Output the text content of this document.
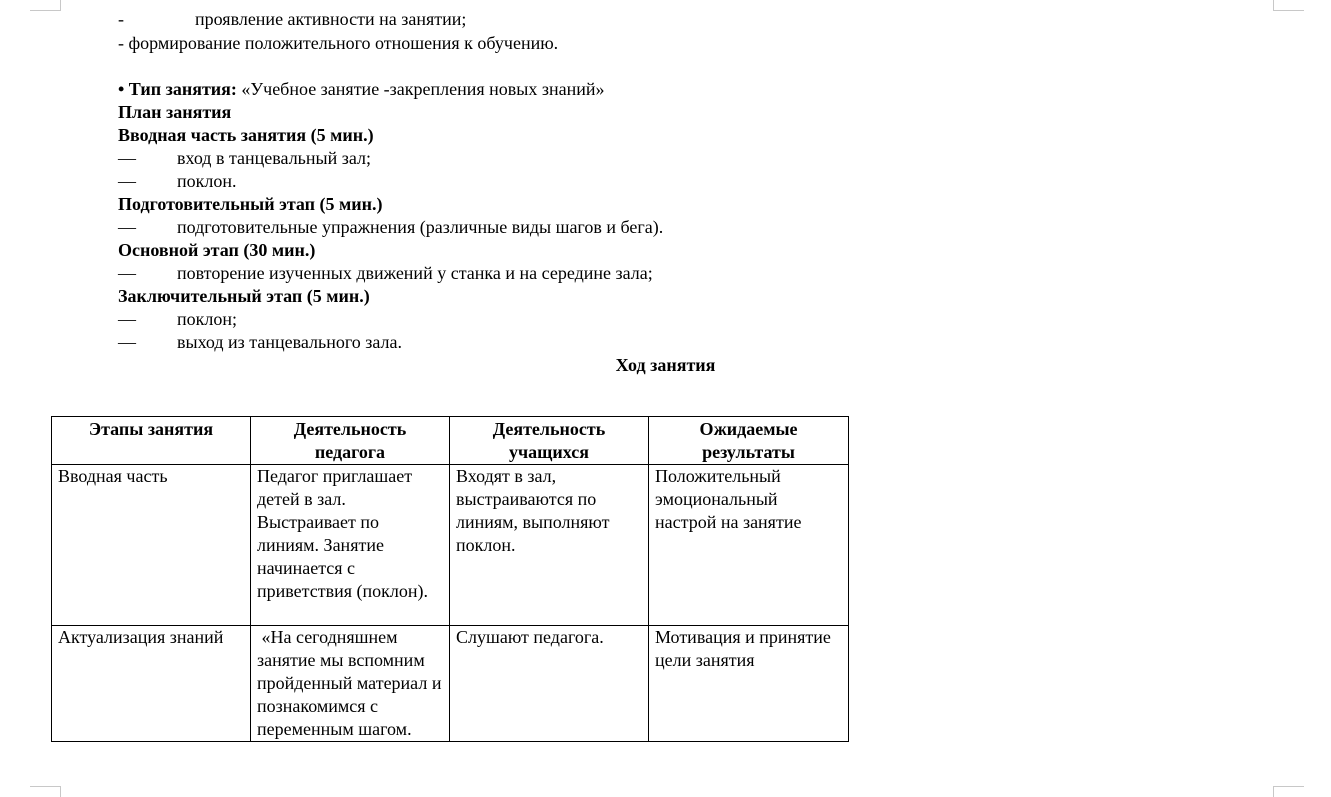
-	проявление активности на занятии;
- формирование положительного отношения к обучению.
• Тип занятия: «Учебное занятие -закрепления новых знаний»
План занятия
Вводная часть занятия (5 мин.)
— вход в танцевальный зал;
— поклон.
Подготовительный этап (5 мин.)
— подготовительные упражнения (различные виды шагов и бега).
Основной этап (30 мин.)
— повторение изученных движений у станка и на середине зала;
Заключительный этап (5 мин.)
— поклон;
— выход из танцевального зала.
Ход занятия
Этапы занятия	Деятельность педагога	Деятельность учащихся	Ожидаемые результаты
Вводная часть	Педагог приглашает детей в зал. Выстраивает по линиям. Занятие начинается с приветствия (поклон).	Входят в зал, выстраиваются по линиям, выполняют поклон.	Положительный эмоциональный настрой на занятие
Актуализация знаний	«На сегодняшнем занятие мы вспомним пройденный материал и познакомимся с переменным шагом.	Слушают педагога.	Мотивация и принятие цели занятия
